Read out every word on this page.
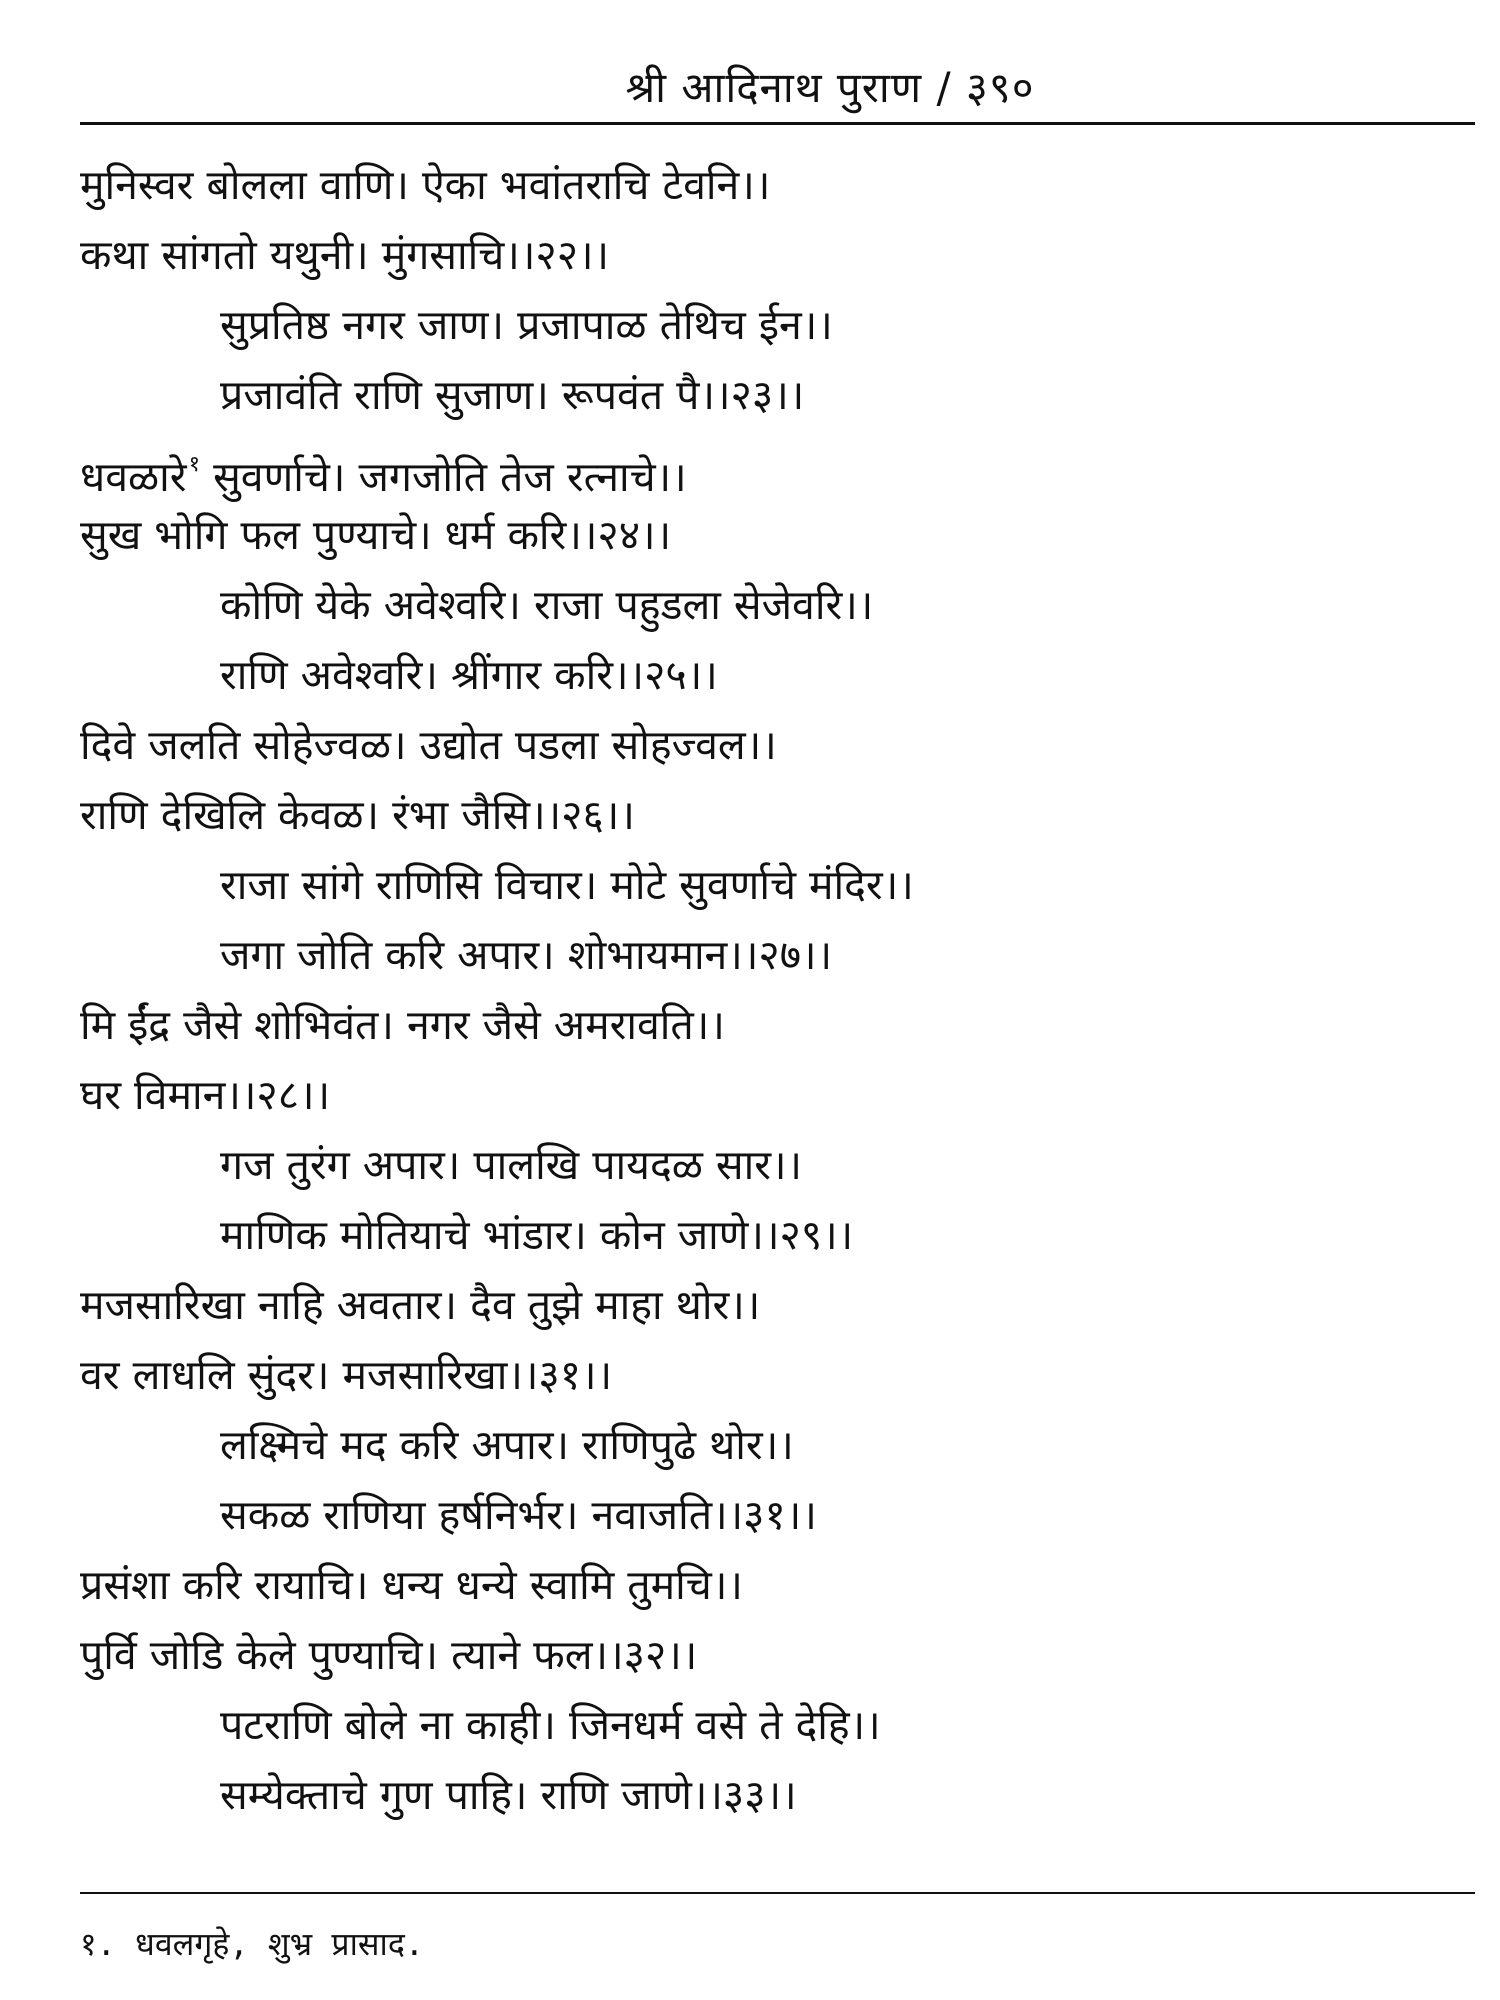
श्री आदिनाथ पुराण / ३९०
मुनिस्वर बोलला वाणि। ऐका भवांतराचि टेवनि।।
कथा सांगतो यथुनी। मुंगसाचि।।२२।।
सुप्रतिष्ठ नगर जाण। प्रजापाळ तेथिच ईन।।
प्रजावंति राणि सुजाण। रूपवंत पै।।२३।।
धवळारे$^१$ सुवर्णाचे। जगजोति तेज रत्नाचे।।
सुख भोगि फल पुण्याचे। धर्म करि।।२४।।
कोणि येके अवेश्वरि। राजा पहुडला सेजेवरि।।
राणि अवेश्वरि। श्रींगार करि।।२५।।
दिवे जलति सोहेज्वळ। उद्योत पडला सोहज्वल।।
राणि देखिलि केवळ। रंभा जैसि।।२६।।
राजा सांगे राणिसि विचार। मोटे सुवर्णाचे मंदिर।।
जगा जोति करि अपार। शोभायमान।।२७।।
मि ईंद्र जैसे शोभिवंत। नगर जैसे अमरावति।।
घर विमान।।२८।।
गज तुरंग अपार। पालखि पायदळ सार।।
माणिक मोतियाचे भांडार। कोन जाणे।।२९।।
मजसारिखा नाहि अवतार। दैव तुझे माहा थोर।।
वर लाधलि सुंदर। मजसारिखा।।३१।।
लक्ष्मिचे मद करि अपार। राणिपुढे थोर।।
सकळ राणिया हर्षनिर्भर। नवाजति।।३१।।
प्रसंशा करि रायाचि। धन्य धन्ये स्वामि तुमचि।।
पुर्वि जोडि केले पुण्याचि। त्याने फल।।३२।।
पटराणि बोले ना काही। जिनधर्म वसे ते देहि।।
सम्येक्ताचे गुण पाहि। राणि जाणे।।३३।।
१. धवलगृहे, शुभ्र प्रासाद.
